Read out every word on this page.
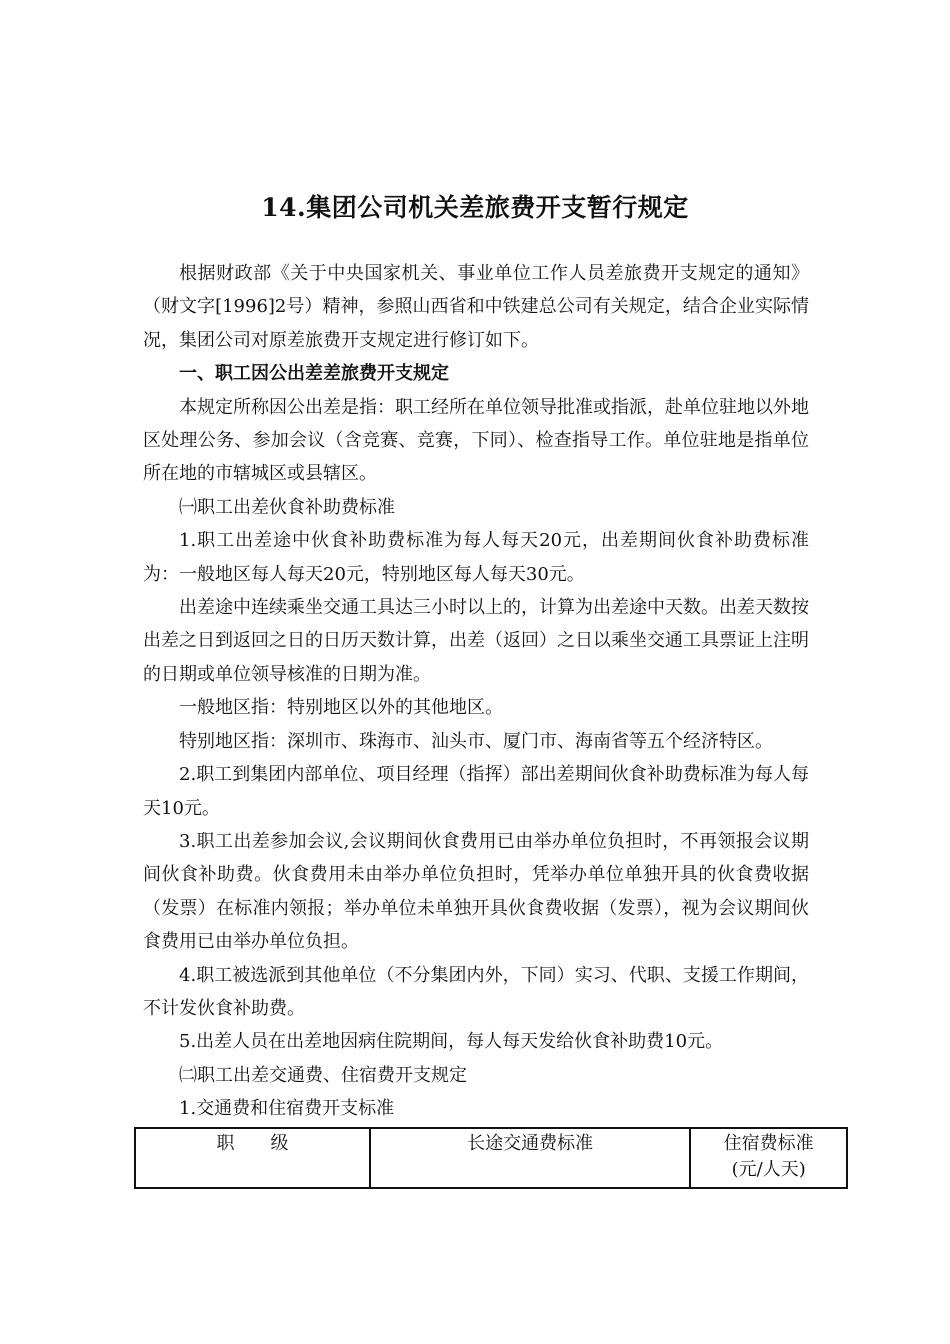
14.集团公司机关差旅费开支暂行规定

根据财政部《关于中央国家机关、事业单位工作人员差旅费开支规定的通知》（财文字[1996]2号）精神，参照山西省和中铁建总公司有关规定，结合企业实际情况，集团公司对原差旅费开支规定进行修订如下。

一、职工因公出差差旅费开支规定

本规定所称因公出差是指：职工经所在单位领导批准或指派，赴单位驻地以外地区处理公务、参加会议（含竞赛、竞赛，下同）、检查指导工作。单位驻地是指单位所在地的市辖城区或县辖区。

㈠职工出差伙食补助费标准

1.职工出差途中伙食补助费标准为每人每天20元，出差期间伙食补助费标准为：一般地区每人每天20元，特别地区每人每天30元。

出差途中连续乘坐交通工具达三小时以上的，计算为出差途中天数。出差天数按出差之日到返回之日的日历天数计算，出差（返回）之日以乘坐交通工具票证上注明的日期或单位领导核准的日期为准。

一般地区指：特别地区以外的其他地区。

特别地区指：深圳市、珠海市、汕头市、厦门市、海南省等五个经济特区。

2.职工到集团内部单位、项目经理（指挥）部出差期间伙食补助费标准为每人每天10元。

3.职工出差参加会议,会议期间伙食费用已由举办单位负担时，不再领报会议期间伙食补助费。伙食费用未由举办单位负担时，凭举办单位单独开具的伙食费收据（发票）在标准内领报；举办单位未单独开具伙食费收据（发票），视为会议期间伙食费用已由举办单位负担。

4.职工被选派到其他单位（不分集团内外，下同）实习、代职、支援工作期间，不计发伙食补助费。

5.出差人员在出差地因病住院期间，每人每天发给伙食补助费10元。

㈡职工出差交通费、住宿费开支规定

1.交通费和住宿费开支标准

职　　级	长途交通费标准	住宿费标准
(元/人天)
